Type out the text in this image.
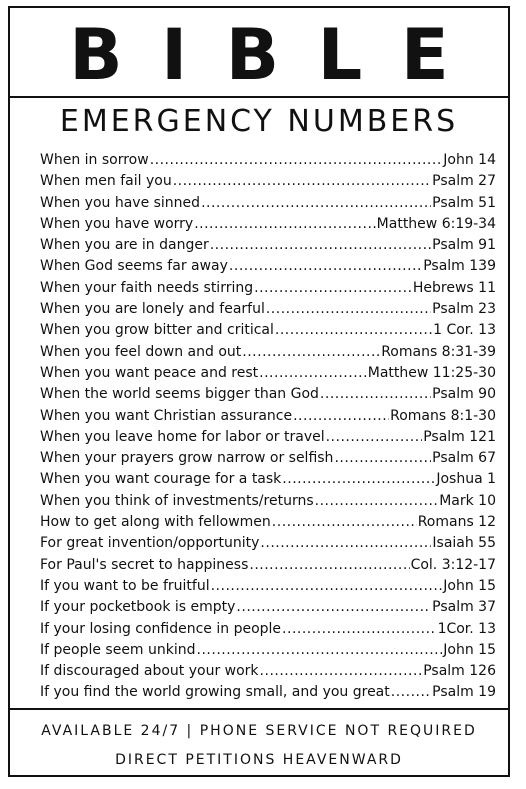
B I B L E
EMERGENCY NUMBERS
When in sorrow .....	John 14
When men fail you .....	Psalm 27
When you have sinned .....	Psalm 51
When you have worry .....	Matthew 6:19-34
When you are in danger .....	Psalm 91
When God seems far away .....	Psalm 139
When your faith needs stirring .....	Hebrews 11
When you are lonely and fearful .....	Psalm 23
When you grow bitter and critical .....	1 Cor. 13
When you feel down and out .....	Romans 8:31-39
When you want peace and rest .....	Matthew 11:25-30
When the world seems bigger than God .....	Psalm 90
When you want Christian assurance .....	Romans 8:1-30
When you leave home for labor or travel .....	Psalm 121
When your prayers grow narrow or selfish .....	Psalm 67
When you want courage for a task .....	Joshua 1
When you think of investments/returns .....	Mark 10
How to get along with fellowmen .....	Romans 12
For great invention/opportunity .....	Isaiah 55
For Paul's secret to happiness .....	Col. 3:12-17
If you want to be fruitful .....	John 15
If your pocketbook is empty .....	Psalm 37
If your losing confidence in people .....	1Cor. 13
If people seem unkind .....	John 15
If discouraged about your work .....	Psalm 126
If you find the world growing small, and you great .....	Psalm 19
AVAILABLE 24/7 | PHONE SERVICE NOT REQUIRED
DIRECT PETITIONS HEAVENWARD
